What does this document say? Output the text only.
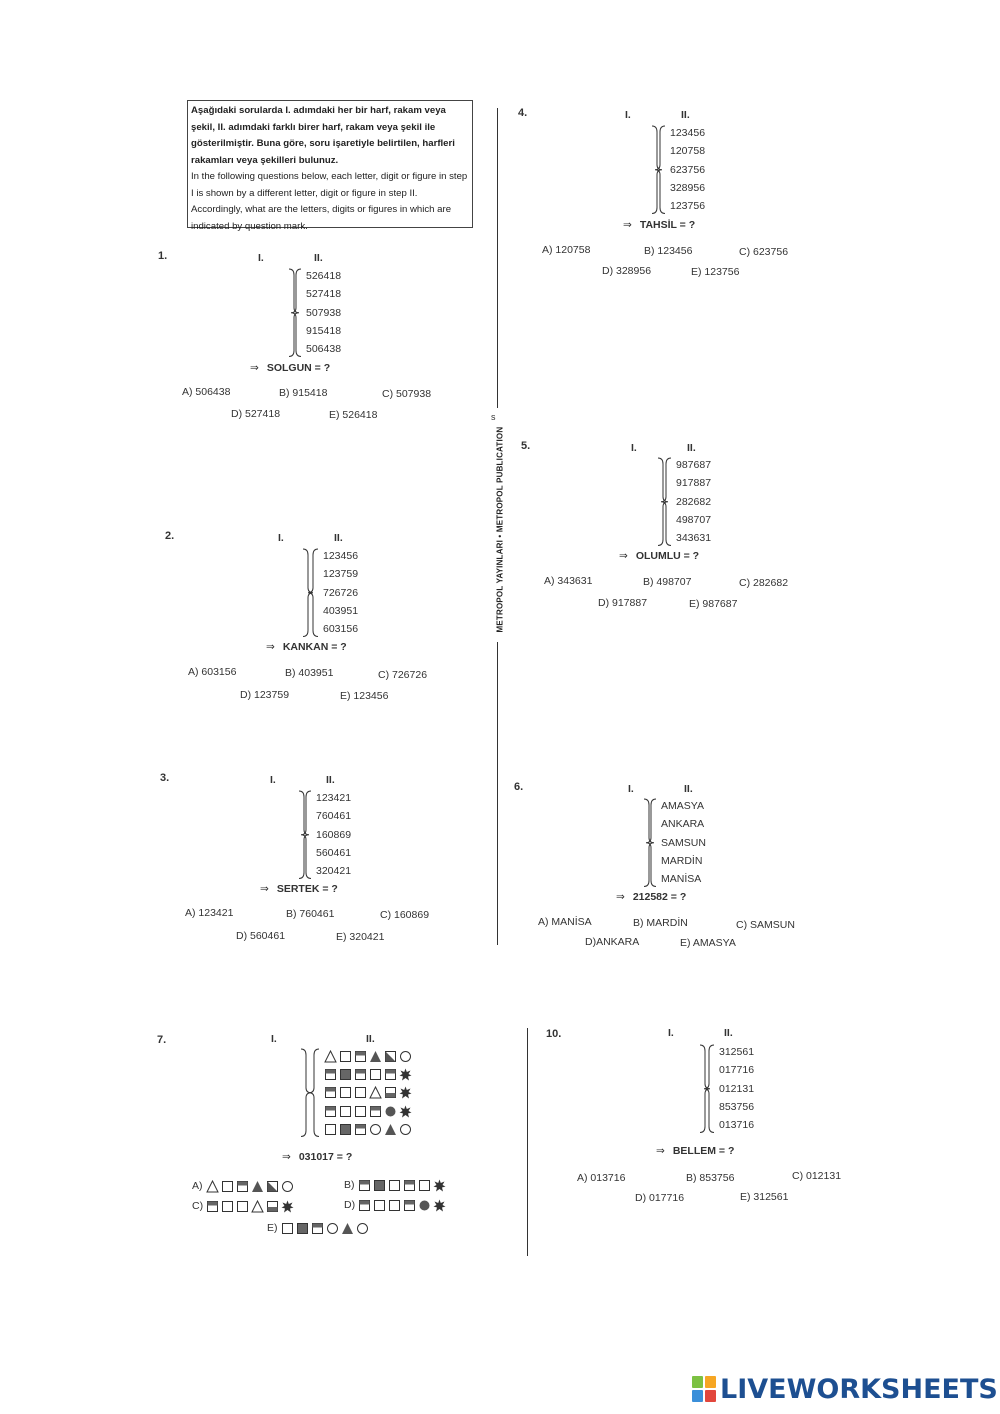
Aşağıdaki sorularda I. adımdaki her bir harf, rakam veya şekil, II. adımdaki farklı birer harf, rakam veya şekil ile gösterilmiştir. Buna göre, soru işaretiyle belirtilen, harfleri rakamları veya şekilleri bulunuz.
In the following questions below, each letter, digit or figure in step I is shown by a different letter, digit or figure in step II. Accordingly, what are the letters, digits or figures in which are indicated by question mark.
s
METROPOL YAYINLARI • METROPOL PUBLICATION
1.	I.	II.
526418
527418
507938
915418
506438
⇒ SOLGUN = ?
A) 506438	B) 915418	C) 507938
D) 527418	E) 526418
2.	I.	II.
123456
123759
726726
403951
603156
⇒ KANKAN = ?
A) 603156	B) 403951	C) 726726
D) 123759	E) 123456
3.	I.	II.
123421
760461
160869
560461
320421
⇒ SERTEK = ?
A) 123421	B) 760461	C) 160869
D) 560461	E) 320421
4.	I.	II.
123456
120758
623756
328956
123756
⇒ TAHSİL = ?
A) 120758	B) 123456	C) 623756
D) 328956	E) 123756
5.	I.	II.
987687
917887
282682
498707
343631
⇒ OLUMLU = ?
A) 343631	B) 498707	C) 282682
D) 917887	E) 987687
6.	I.	II.
AMASYA
ANKARA
SAMSUN
MARDİN
MANİSA
⇒ 212582 = ?
A) MANİSA	B) MARDİN	C) SAMSUN
D)ANKARA	E) AMASYA
7.	I.	II.
⇒ 031017 = ?
A)	B)
C)	D)
E)
10.	I.	II.
312561
017716
012131
853756
013716
⇒ BELLEM = ?
A) 013716	B) 853756	C) 012131
D) 017716	E) 312561
LIVEWORKSHEETS
